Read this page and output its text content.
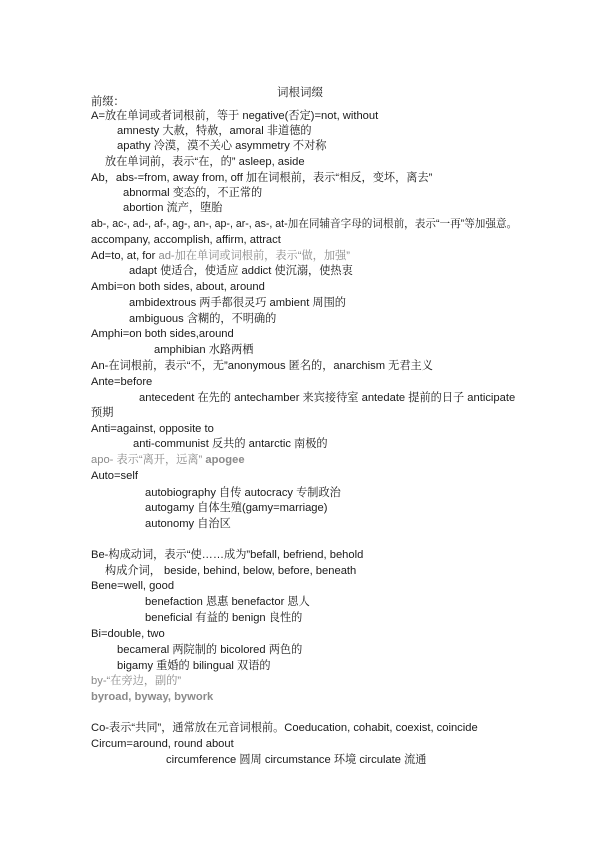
词根词缀
前缀：
A=放在单词或者词根前，等于 negative(否定)=not, without
amnesty 大赦，特赦，amoral 非道德的
apathy 冷漠，漠不关心 asymmetry 不对称
放在单词前，表示“在，的” asleep, aside
Ab，abs-=from, away from, off 加在词根前，表示“相反，变坏，离去”
abnormal 变态的，不正常的
abortion 流产，堕胎
ab-, ac-, ad-, af-, ag-, an-, ap-, ar-, as-, at-加在同辅音字母的词根前，表示“一再”等加强意。
accompany, accomplish, affirm, attract
Ad=to, at, for ad-加在单词或词根前，表示“做，加强”
adapt 使适合，使适应 addict 使沉溺，使热衷
Ambi=on both sides, about, around
ambidextrous 两手都很灵巧 ambient 周围的
ambiguous 含糊的，不明确的
Amphi=on both sides,around
amphibian 水路两栖
An-在词根前，表示“不，无”anonymous 匿名的，anarchism 无君主义
Ante=before
antecedent 在先的 antechamber 来宾接待室 antedate 提前的日子 anticipate
预期
Anti=against, opposite to
anti-communist 反共的 antarctic 南极的
apo- 表示“离开，远离” apogee
Auto=self
autobiography 自传 autocracy 专制政治
autogamy 自体生殖(gamy=marriage)
autonomy 自治区
Be-构成动词，表示“使……成为”befall, befriend, behold
构成介词， beside, behind, below, before, beneath
Bene=well, good
benefaction 恩惠 benefactor 恩人
beneficial 有益的 benign 良性的
Bi=double, two
becameral 两院制的 bicolored 两色的
bigamy 重婚的 bilingual 双语的
by-“在旁边，副的”
byroad, byway, bywork
Co-表示“共同”，通常放在元音词根前。Coeducation, cohabit, coexist, coincide
Circum=around, round about
circumference 圆周 circumstance 环境 circulate 流通
